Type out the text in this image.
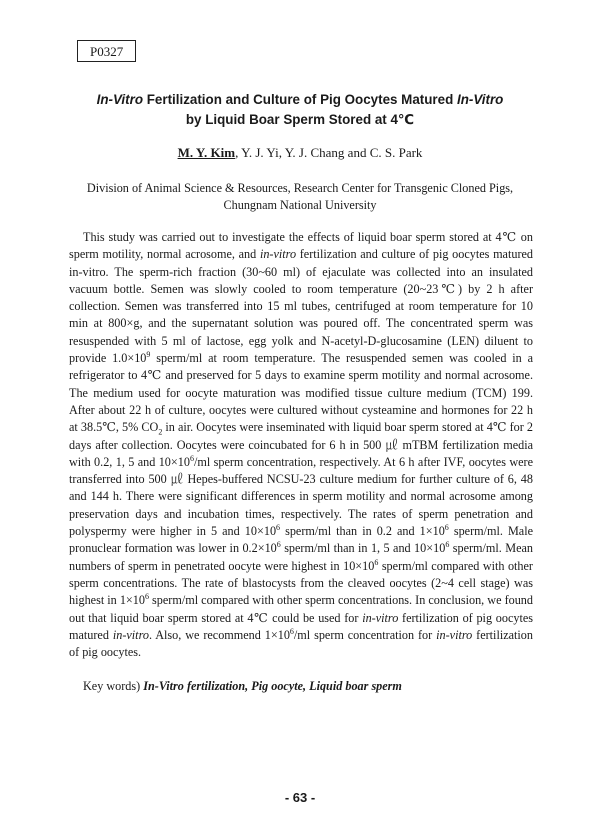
P0327
In-Vitro Fertilization and Culture of Pig Oocytes Matured In-Vitro
by Liquid Boar Sperm Stored at 4℃
M. Y. Kim, Y. J. Yi, Y. J. Chang and C. S. Park
Division of Animal Science & Resources, Research Center for Transgenic Cloned Pigs,
Chungnam National University

This study was carried out to investigate the effects of liquid boar sperm stored at 4℃ on sperm motility, normal acrosome, and in-vitro fertilization and culture of pig oocytes matured in-vitro. The sperm-rich fraction (30~60 ml) of ejaculate was collected into an insulated vacuum bottle. Semen was slowly cooled to room temperature (20~23℃) by 2 h after collection. Semen was transferred into 15 ml tubes, centrifuged at room temperature for 10 min at 800×g, and the supernatant solution was poured off. The concentrated sperm was resuspended with 5 ml of lactose, egg yolk and N-acetyl-D-glucosamine (LEN) diluent to provide $1.0\times 10^9$ sperm/ml at room temperature. The resuspended semen was cooled in a refrigerator to 4℃ and preserved for 5 days to examine sperm motility and normal acrosome. The medium used for oocyte maturation was modified tissue culture medium (TCM) 199. After about 22 h of culture, oocytes were cultured without cysteamine and hormones for 22 h at 38.5℃, 5% $CO_2$ in air. Oocytes were inseminated with liquid boar sperm stored at 4℃ for 2 days after collection. Oocytes were coincubated for 6 h in 500 ㎕ mTBM fertilization media with 0.2, 1, 5 and $10\times 10^6/ml$ sperm concentration, respectively. At 6 h after IVF, oocytes were transferred into 500 ㎕ Hepes-buffered NCSU-23 culture medium for further culture of 6, 48 and 144 h. There were significant differences in sperm motility and normal acrosome among preservation days and incubation times, respectively. The rates of sperm penetration and polyspermy were higher in 5 and $10\times 10^6$ sperm/ml than in 0.2 and $1\times 10^6$ sperm/ml. Male pronuclear formation was lower in $0.2\times 10^6$ sperm/ml than in 1, 5 and $10\times 10^6$ sperm/ml. Mean numbers of sperm in penetrated oocyte were highest in $10\times 10^6$ sperm/ml compared with other sperm concentrations. The rate of blastocysts from the cleaved oocytes (2~4 cell stage) was highest in $1\times 10^6$ sperm/ml compared with other sperm concentrations. In conclusion, we found out that liquid boar sperm stored at 4℃ could be used for in-vitro fertilization of pig oocytes matured in-vitro. Also, we recommend $1\times 10^6/ml$ sperm concentration for in-vitro fertilization of pig oocytes.

Key words) In-Vitro fertilization, Pig oocyte, Liquid boar sperm
- 63 -
